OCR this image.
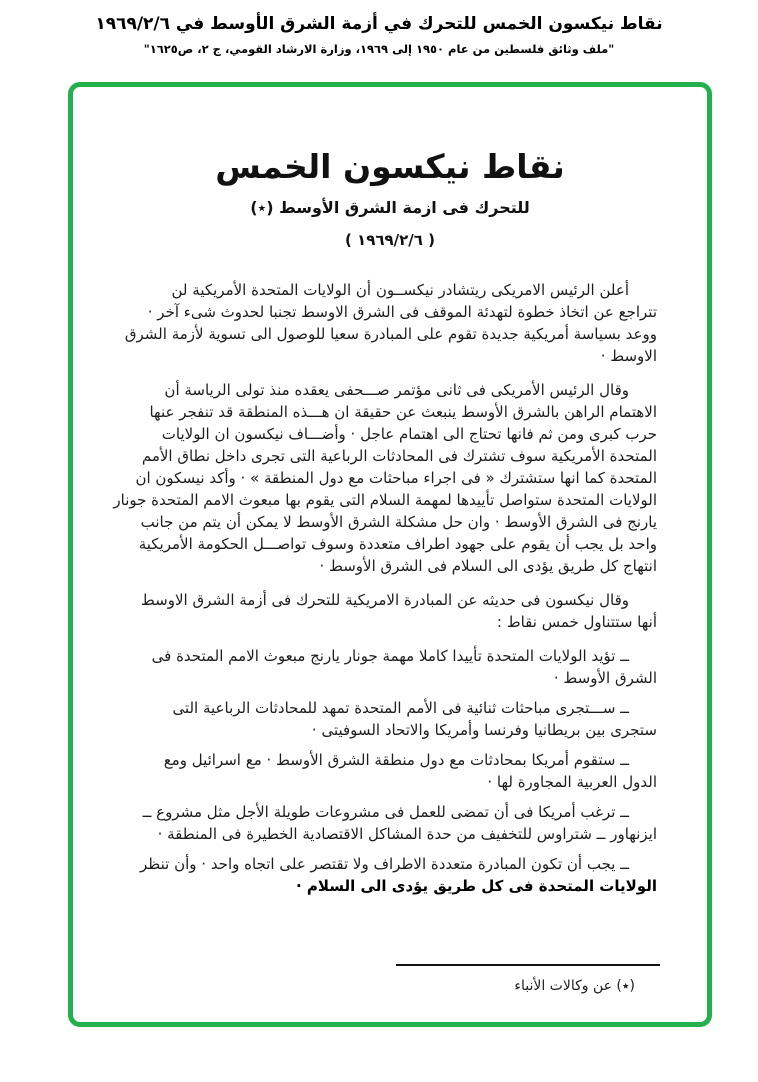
نقاط نيكسون الخمس للتحرك في أزمة الشرق الأوسط في ١٩٦٩/٢/٦
"ملف وثائق فلسطين من عام ١٩٥٠ إلى ١٩٦٩، وزارة الارشاد القومي، ج ٢، ص١٦٢٥"
نقاط نيكسون الخمس
للتحرك فى ازمة الشرق الأوسط (٭)
( ١٩٦٩/٢/٦ )
أعلن الرئيس الامريكى ريتشادر نيكســون أن الولايات المتحدة الأمريكية لن
تتراجع عن اتخاذ خطوة لتهدئة الموقف فى الشرق الاوسط تجنبا لحدوث شىء آخر ·
ووعد بسياسة أمريكية جديدة تقوم على المبادرة سعيا للوصول الى تسوية لأزمة الشرق
الاوسط ·
وقال الرئيس الأمريكى فى ثانى مؤتمر صـــحفى يعقده منذ تولى الرياسة أن
الاهتمام الراهن بالشرق الأوسط ينبعث عن حقيقة ان هـــذه المنطقة قد تنفجر عنها
حرب كبرى ومن ثم فانها تحتاج الى اهتمام عاجل · وأضـــاف نيكسون ان الولايات
المتحدة الأمريكية سوف تشترك فى المحادثات الرباعية التى تجرى داخل نطاق الأمم
المتحدة كما انها ستشترك « فى اجراء مباحثات مع دول المنطقة » · وأكد نيسكون ان
الولايات المتحدة ستواصل تأييدها لمهمة السلام التى يقوم بها مبعوث الامم المتحدة جونار
يارنج فى الشرق الأوسط · وان حل مشكلة الشرق الأوسط لا يمكن أن يتم من جانب
واحد بل يجب أن يقوم على جهود اطراف متعددة وسوف تواصـــل الحكومة الأمريكية
انتهاج كل طريق يؤدى الى السلام فى الشرق الأوسط ·
وقال نيكسون فى حديثه عن المبادرة الامريكية للتحرك فى أزمة الشرق الاوسط
أنها ستتناول خمس نقاط :
ــ تؤيد الولايات المتحدة تأييدا كاملا مهمة جونار يارنج مبعوث الامم المتحدة فى
الشرق الأوسط ·
ــ ســـتجرى مباحثات ثنائية فى الأمم المتحدة تمهد للمحادثات الرباعية التى
ستجرى بين بريطانيا وفرنسا وأمريكا والاتحاد السوفيتى ·
ــ ستقوم أمريكا بمحادثات مع دول منطقة الشرق الأوسط · مع اسرائيل ومع
الدول العربية المجاورة لها ·
ــ ترغب أمريكا فى أن تمضى للعمل فى مشروعات طويلة الأجل مثل مشروع ــ
ايزنهاور ــ شتراوس للتخفيف من حدة المشاكل الاقتصادية الخطيرة فى المنطقة ·
ــ يجب أن تكون المبادرة متعددة الاطراف ولا تقتصر على اتجاه واحد · وأن تنظر
الولايات المتحدة فى كل طريق يؤدى الى السلام ·
(٭) عن وكالات الأنباء
